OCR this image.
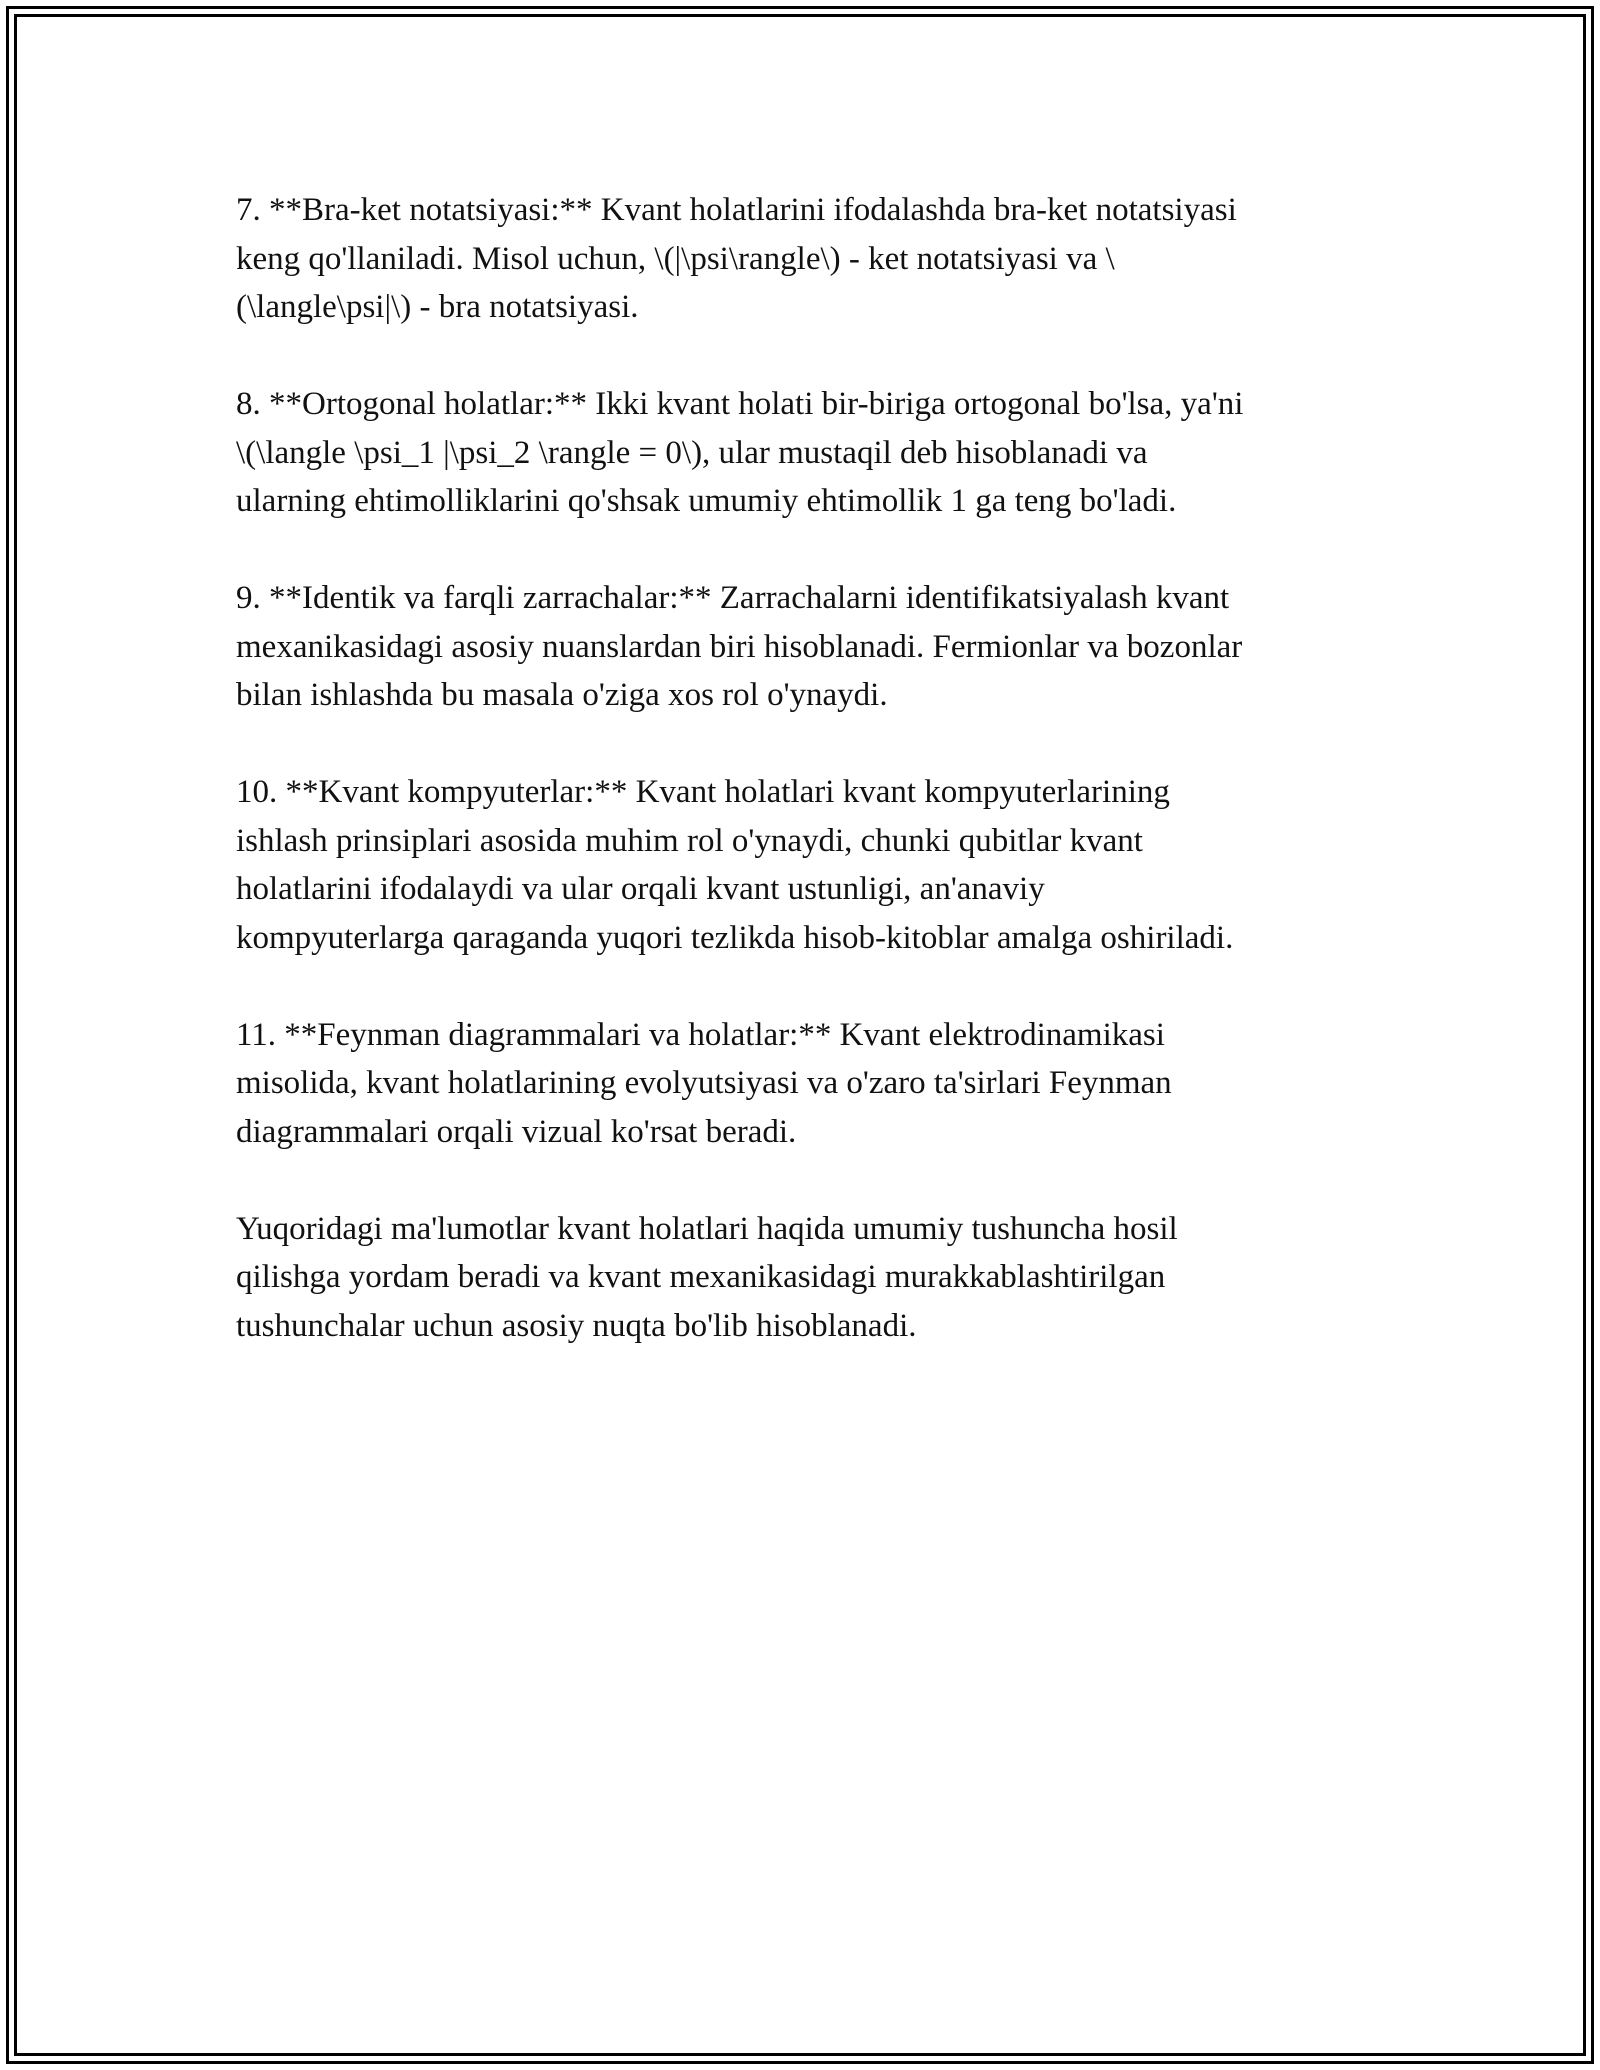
7. **Bra-ket notatsiyasi:** Kvant holatlarini ifodalashda bra-ket notatsiyasi
keng qo'llaniladi. Misol uchun, \(|\psi\rangle\) - ket notatsiyasi va \
(\langle\psi|\) - bra notatsiyasi.

8. **Ortogonal holatlar:** Ikki kvant holati bir-biriga ortogonal bo'lsa, ya'ni
\(\langle \psi_1 |\psi_2 \rangle = 0\), ular mustaqil deb hisoblanadi va
ularning ehtimolliklarini qo'shsak umumiy ehtimollik 1 ga teng bo'ladi.

9. **Identik va farqli zarrachalar:** Zarrachalarni identifikatsiyalash kvant
mexanikasidagi asosiy nuanslardan biri hisoblanadi. Fermionlar va bozonlar
bilan ishlashda bu masala o'ziga xos rol o'ynaydi.

10. **Kvant kompyuterlar:** Kvant holatlari kvant kompyuterlarining
ishlash prinsiplari asosida muhim rol o'ynaydi, chunki qubitlar kvant
holatlarini ifodalaydi va ular orqali kvant ustunligi, an'anaviy
kompyuterlarga qaraganda yuqori tezlikda hisob-kitoblar amalga oshiriladi.

11. **Feynman diagrammalari va holatlar:** Kvant elektrodinamikasi
misolida, kvant holatlarining evolyutsiyasi va o'zaro ta'sirlari Feynman
diagrammalari orqali vizual ko'rsat beradi.

Yuqoridagi ma'lumotlar kvant holatlari haqida umumiy tushuncha hosil
qilishga yordam beradi va kvant mexanikasidagi murakkablashtirilgan
tushunchalar uchun asosiy nuqta bo'lib hisoblanadi.
